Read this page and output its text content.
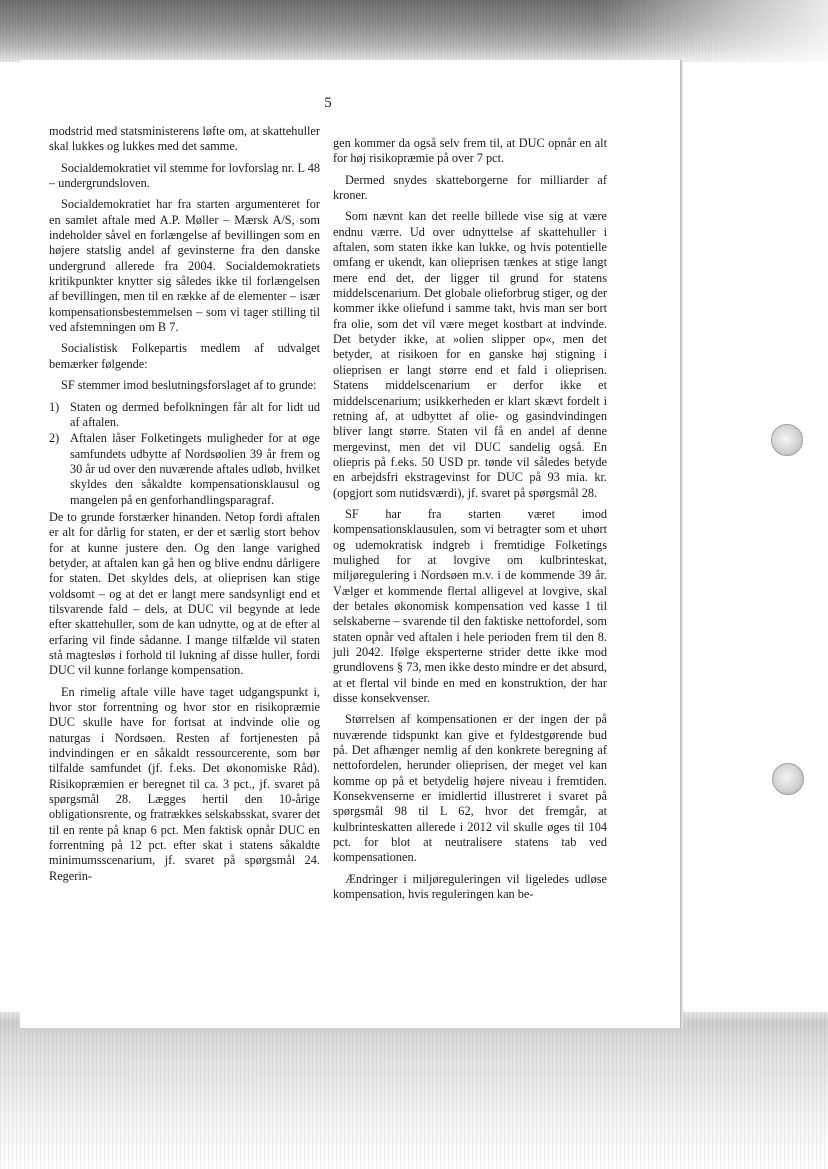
5

modstrid med statsministerens løfte om, at skattehuller skal lukkes og lukkes med det samme.

Socialdemokratiet vil stemme for lovforslag nr. L 48 – undergrundsloven.

Socialdemokratiet har fra starten argumenteret for en samlet aftale med A.P. Møller – Mærsk A/S, som indeholder såvel en forlængelse af bevillingen som en højere statslig andel af gevinsterne fra den danske undergrund allerede fra 2004. Socialdemokratiets kritikpunkter knytter sig således ikke til forlængelsen af bevillingen, men til en række af de elementer – især kompensationsbestemmelsen – som vi tager stilling til ved afstemningen om B 7.

Socialistisk Folkepartis medlem af udvalget bemærker følgende:

SF stemmer imod beslutningsforslaget af to grunde:

1) Staten og dermed befolkningen får alt for lidt ud af aftalen.
2) Aftalen låser Folketingets muligheder for at øge samfundets udbytte af Nordsøolien 39 år frem og 30 år ud over den nuværende aftales udløb, hvilket skyldes den såkaldte kompensationsklausul og mangelen på en genforhandlingsparagraf.

De to grunde forstærker hinanden. Netop fordi aftalen er alt for dårlig for staten, er der et særlig stort behov for at kunne justere den. Og den lange varighed betyder, at aftalen kan gå hen og blive endnu dårligere for staten. Det skyldes dels, at olieprisen kan stige voldsomt – og at det er langt mere sandsynligt end et tilsvarende fald – dels, at DUC vil begynde at lede efter skattehuller, som de kan udnytte, og at de efter al erfaring vil finde sådanne. I mange tilfælde vil staten stå magtesløs i forhold til lukning af disse huller, fordi DUC vil kunne forlange kompensation.

En rimelig aftale ville have taget udgangspunkt i, hvor stor forrentning og hvor stor en risikopræmie DUC skulle have for fortsat at indvinde olie og naturgas i Nordsøen. Resten af fortjenesten på indvindingen er en såkaldt ressourcerente, som bør tilfalde samfundet (jf. f.eks. Det økonomiske Råd). Risikopræmien er beregnet til ca. 3 pct., jf. svaret på spørgsmål 28. Lægges hertil den 10-årige obligationsrente, og fratrækkes selskabsskat, svarer det til en rente på knap 6 pct. Men faktisk opnår DUC en forrentning på 12 pct. efter skat i statens såkaldte minimumsscenarium, jf. svaret på spørgsmål 24. Regerin-

gen kommer da også selv frem til, at DUC opnår en alt for høj risikopræmie på over 7 pct.

Dermed snydes skatteborgerne for milliarder af kroner.

Som nævnt kan det reelle billede vise sig at være endnu værre. Ud over udnyttelse af skattehuller i aftalen, som staten ikke kan lukke, og hvis potentielle omfang er ukendt, kan olieprisen tænkes at stige langt mere end det, der ligger til grund for statens middelscenarium. Det globale olieforbrug stiger, og der kommer ikke oliefund i samme takt, hvis man ser bort fra olie, som det vil være meget kostbart at indvinde. Det betyder ikke, at »olien slipper op«, men det betyder, at risikoen for en ganske høj stigning i olieprisen er langt større end et fald i olieprisen. Statens middelscenarium er derfor ikke et middelscenarium; usikkerheden er klart skævt fordelt i retning af, at udbyttet af olie- og gasindvindingen bliver langt større. Staten vil få en andel af denne mergevinst, men det vil DUC sandelig også. En oliepris på f.eks. 50 USD pr. tønde vil således betyde en arbejdsfri ekstragevinst for DUC på 93 mia. kr. (opgjort som nutidsværdi), jf. svaret på spørgsmål 28.

SF har fra starten været imod kompensationsklausulen, som vi betragter som et uhørt og udemokratisk indgreb i fremtidige Folketings mulighed for at lovgive om kulbrinteskat, miljøregulering i Nordsøen m.v. i de kommende 39 år. Vælger et kommende flertal alligevel at lovgive, skal der betales økonomisk kompensation ved kasse 1 til selskaberne – svarende til den faktiske nettofordel, som staten opnår ved aftalen i hele perioden frem til den 8. juli 2042. Ifølge eksperterne strider dette ikke mod grundlovens § 73, men ikke desto mindre er det absurd, at et flertal vil binde en med en konstruktion, der har disse konsekvenser.

Størrelsen af kompensationen er der ingen der på nuværende tidspunkt kan give et fyldestgørende bud på. Det afhænger nemlig af den konkrete beregning af nettofordelen, herunder olieprisen, der meget vel kan komme op på et betydelig højere niveau i fremtiden. Konsekvenserne er imidlertid illustreret i svaret på spørgsmål 98 til L 62, hvor det fremgår, at kulbrinteskatten allerede i 2012 vil skulle øges til 104 pct. for blot at neutralisere statens tab ved kompensationen.

Ændringer i miljøreguleringen vil ligeledes udløse kompensation, hvis reguleringen kan be-
